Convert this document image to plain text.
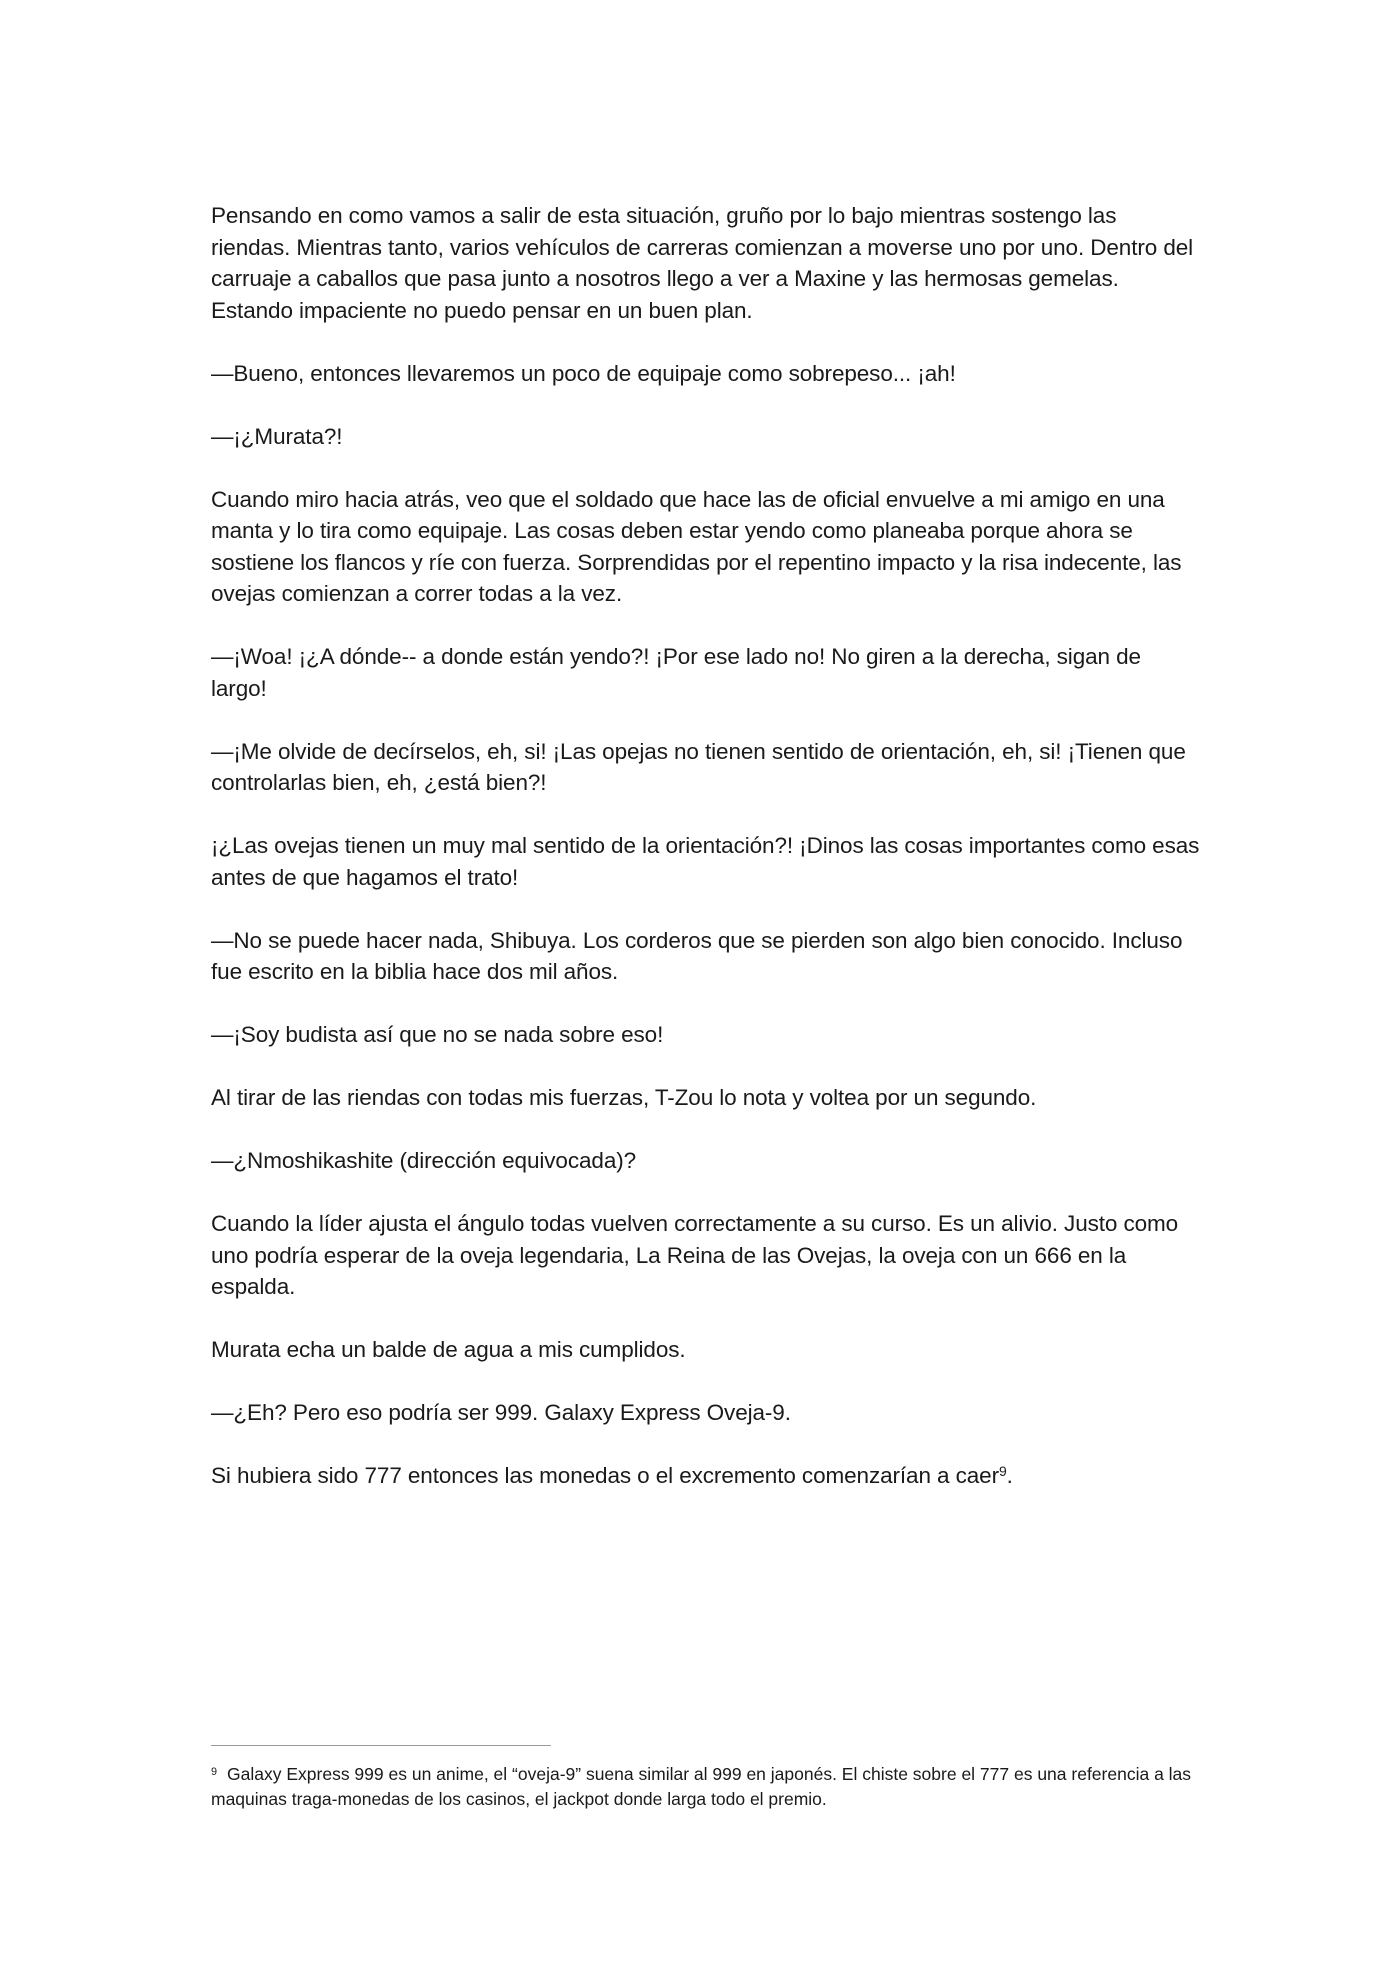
Pensando en como vamos a salir de esta situación, gruño por lo bajo mientras sostengo las riendas. Mientras tanto, varios vehículos de carreras comienzan a moverse uno por uno. Dentro del carruaje a caballos que pasa junto a nosotros llego a ver a Maxine y las hermosas gemelas. Estando impaciente no puedo pensar en un buen plan.

—Bueno, entonces llevaremos un poco de equipaje como sobrepeso... ¡ah!

—¡¿Murata?!

Cuando miro hacia atrás, veo que el soldado que hace las de oficial envuelve a mi amigo en una manta y lo tira como equipaje. Las cosas deben estar yendo como planeaba porque ahora se sostiene los flancos y ríe con fuerza. Sorprendidas por el repentino impacto y la risa indecente, las ovejas comienzan a correr todas a la vez.

—¡Woa! ¡¿A dónde-- a donde están yendo?! ¡Por ese lado no! No giren a la derecha, sigan de largo!

—¡Me olvide de decírselos, eh, si! ¡Las opejas no tienen sentido de orientación, eh, si! ¡Tienen que controlarlas bien, eh, ¿está bien?!

¡¿Las ovejas tienen un muy mal sentido de la orientación?! ¡Dinos las cosas importantes como esas antes de que hagamos el trato!

—No se puede hacer nada, Shibuya. Los corderos que se pierden son algo bien conocido. Incluso fue escrito en la biblia hace dos mil años.

—¡Soy budista así que no se nada sobre eso!

Al tirar de las riendas con todas mis fuerzas, T-Zou lo nota y voltea por un segundo.

—¿Nmoshikashite (dirección equivocada)?

Cuando la líder ajusta el ángulo todas vuelven correctamente a su curso. Es un alivio. Justo como uno podría esperar de la oveja legendaria, La Reina de las Ovejas, la oveja con un 666 en la espalda.

Murata echa un balde de agua a mis cumplidos.

—¿Eh? Pero eso podría ser 999. Galaxy Express Oveja-9.

Si hubiera sido 777 entonces las monedas o el excremento comenzarían a caer$^9$.

$^9$ Galaxy Express 999 es un anime, el “oveja-9” suena similar al 999 en japonés. El chiste sobre el 777 es una referencia a las maquinas traga-monedas de los casinos, el jackpot donde larga todo el premio.
